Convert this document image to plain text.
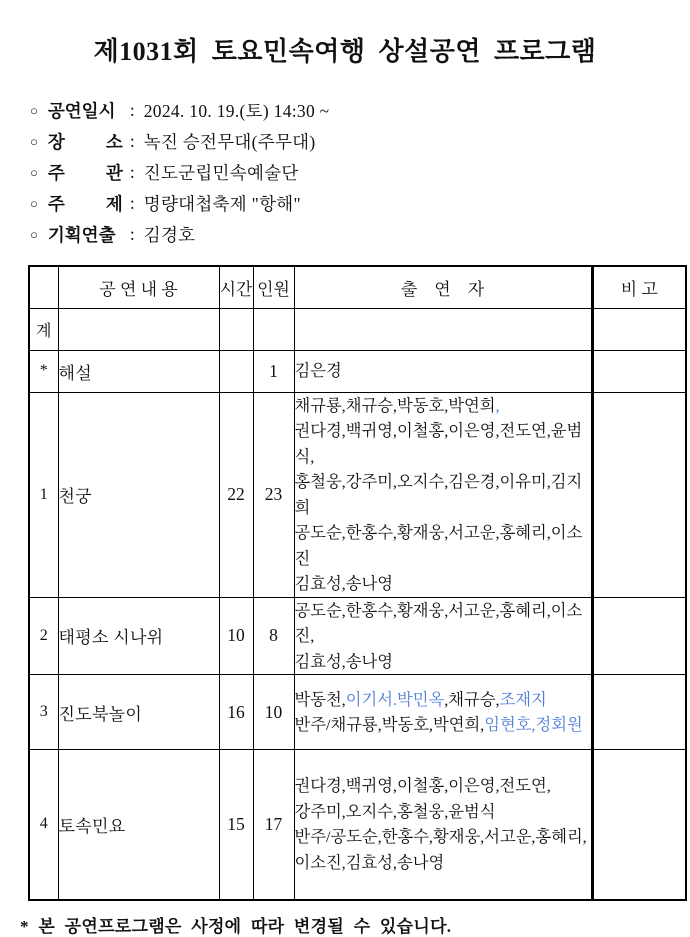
제1031회 토요민속여행 상설공연 프로그램
○ 공연일시 : 2024. 10. 19.(토) 14:30 ~
○ 장 소 : 녹진 승전무대(주무대)
○ 주 관 : 진도군립민속예술단
○ 주 제 : 명량대첩축제 "항해"
○ 기획연출 : 김경호
	공 연 내 용	시간	인원	출    연    자	비 고
계					
*	해설		1	김은경	

1	천궁	22	23	채규룡,채규승,박동호,박연희,
권다경,백귀영,이철홍,이은영,전도연,윤범식,
홍철웅,강주미,오지수,김은경,이유미,김지희
공도순,한홍수,황재웅,서고운,홍혜리,이소진
김효성,송나영	

2	태평소 시나위	10	8	공도순,한홍수,황재웅,서고운,홍혜리,이소진,
김효성,송나영	

3	진도북놀이	16	10	박동천,이기서.박민옥,채규승,조재지
반주/채규룡,박동호,박연희,임현호,정회원	

4	토속민요	15	17	권다경,백귀영,이철홍,이은영,전도연,
강주미,오지수,홍철웅,윤범식
반주/공도순,한홍수,황재웅,서고운,홍혜리,
이소진,김효성,송나영	

* 본 공연프로그램은 사정에 따라 변경될 수 있습니다.
